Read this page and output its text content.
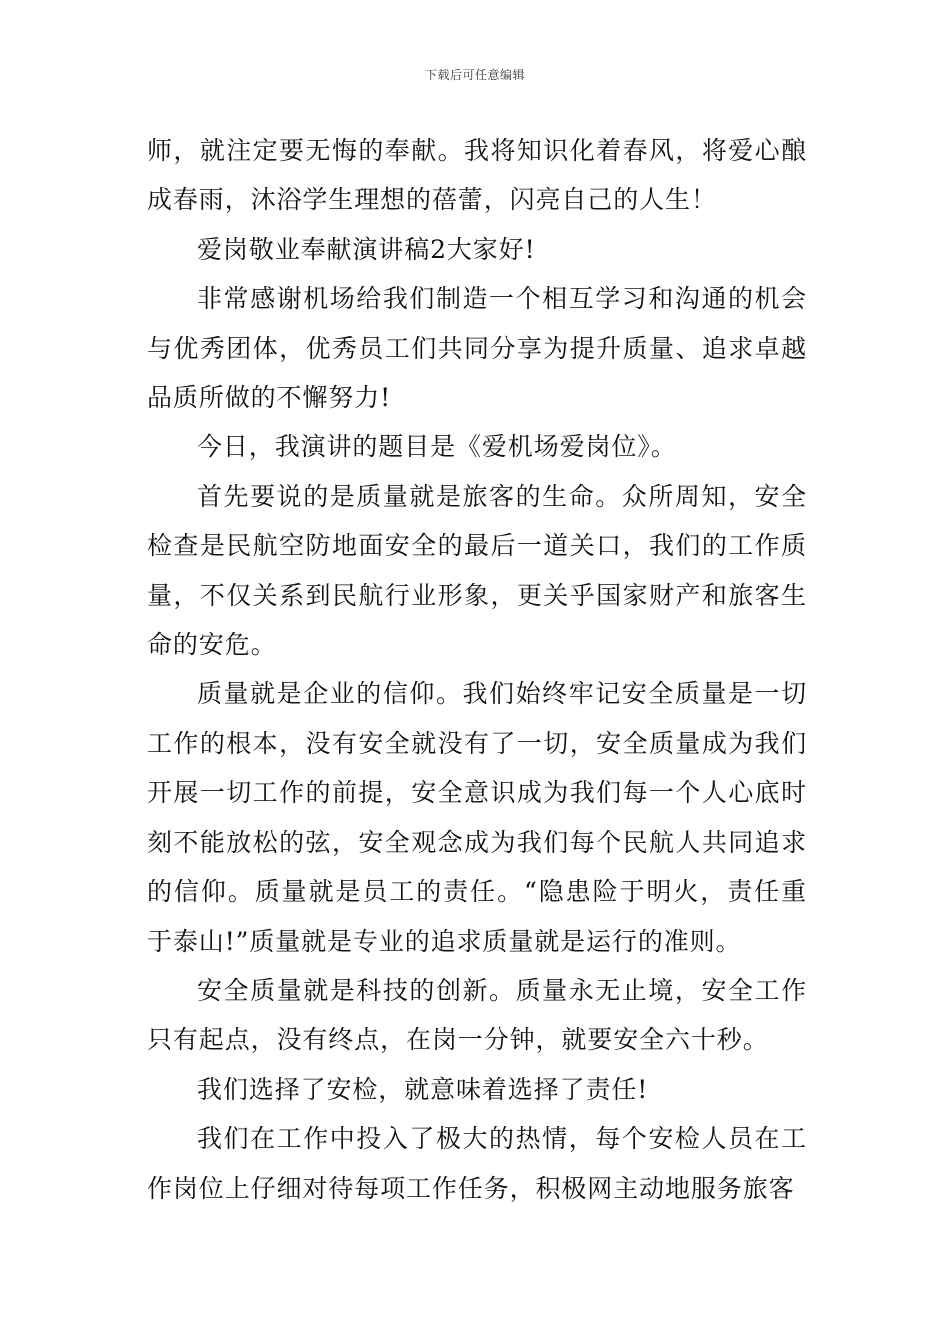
下载后可任意编辑

师，就注定要无悔的奉献。我将知识化着春风，将爱心酿成春雨，沐浴学生理想的蓓蕾，闪亮自己的人生！

爱岗敬业奉献演讲稿2大家好!

非常感谢机场给我们制造一个相互学习和沟通的机会与优秀团体，优秀员工们共同分享为提升质量、追求卓越品质所做的不懈努力!

今日，我演讲的题目是《爱机场爱岗位》。

首先要说的是质量就是旅客的生命。众所周知，安全检查是民航空防地面安全的最后一道关口，我们的工作质量，不仅关系到民航行业形象，更关乎国家财产和旅客生命的安危。

质量就是企业的信仰。我们始终牢记安全质量是一切工作的根本，没有安全就没有了一切，安全质量成为我们开展一切工作的前提，安全意识成为我们每一个人心底时刻不能放松的弦，安全观念成为我们每个民航人共同追求的信仰。质量就是员工的责任。“隐患险于明火，责任重于泰山!”质量就是专业的追求质量就是运行的准则。

安全质量就是科技的创新。质量永无止境，安全工作只有起点，没有终点，在岗一分钟，就要安全六十秒。

我们选择了安检，就意味着选择了责任!

我们在工作中投入了极大的热情，每个安检人员在工作岗位上仔细对待每项工作任务，积极网主动地服务旅客
